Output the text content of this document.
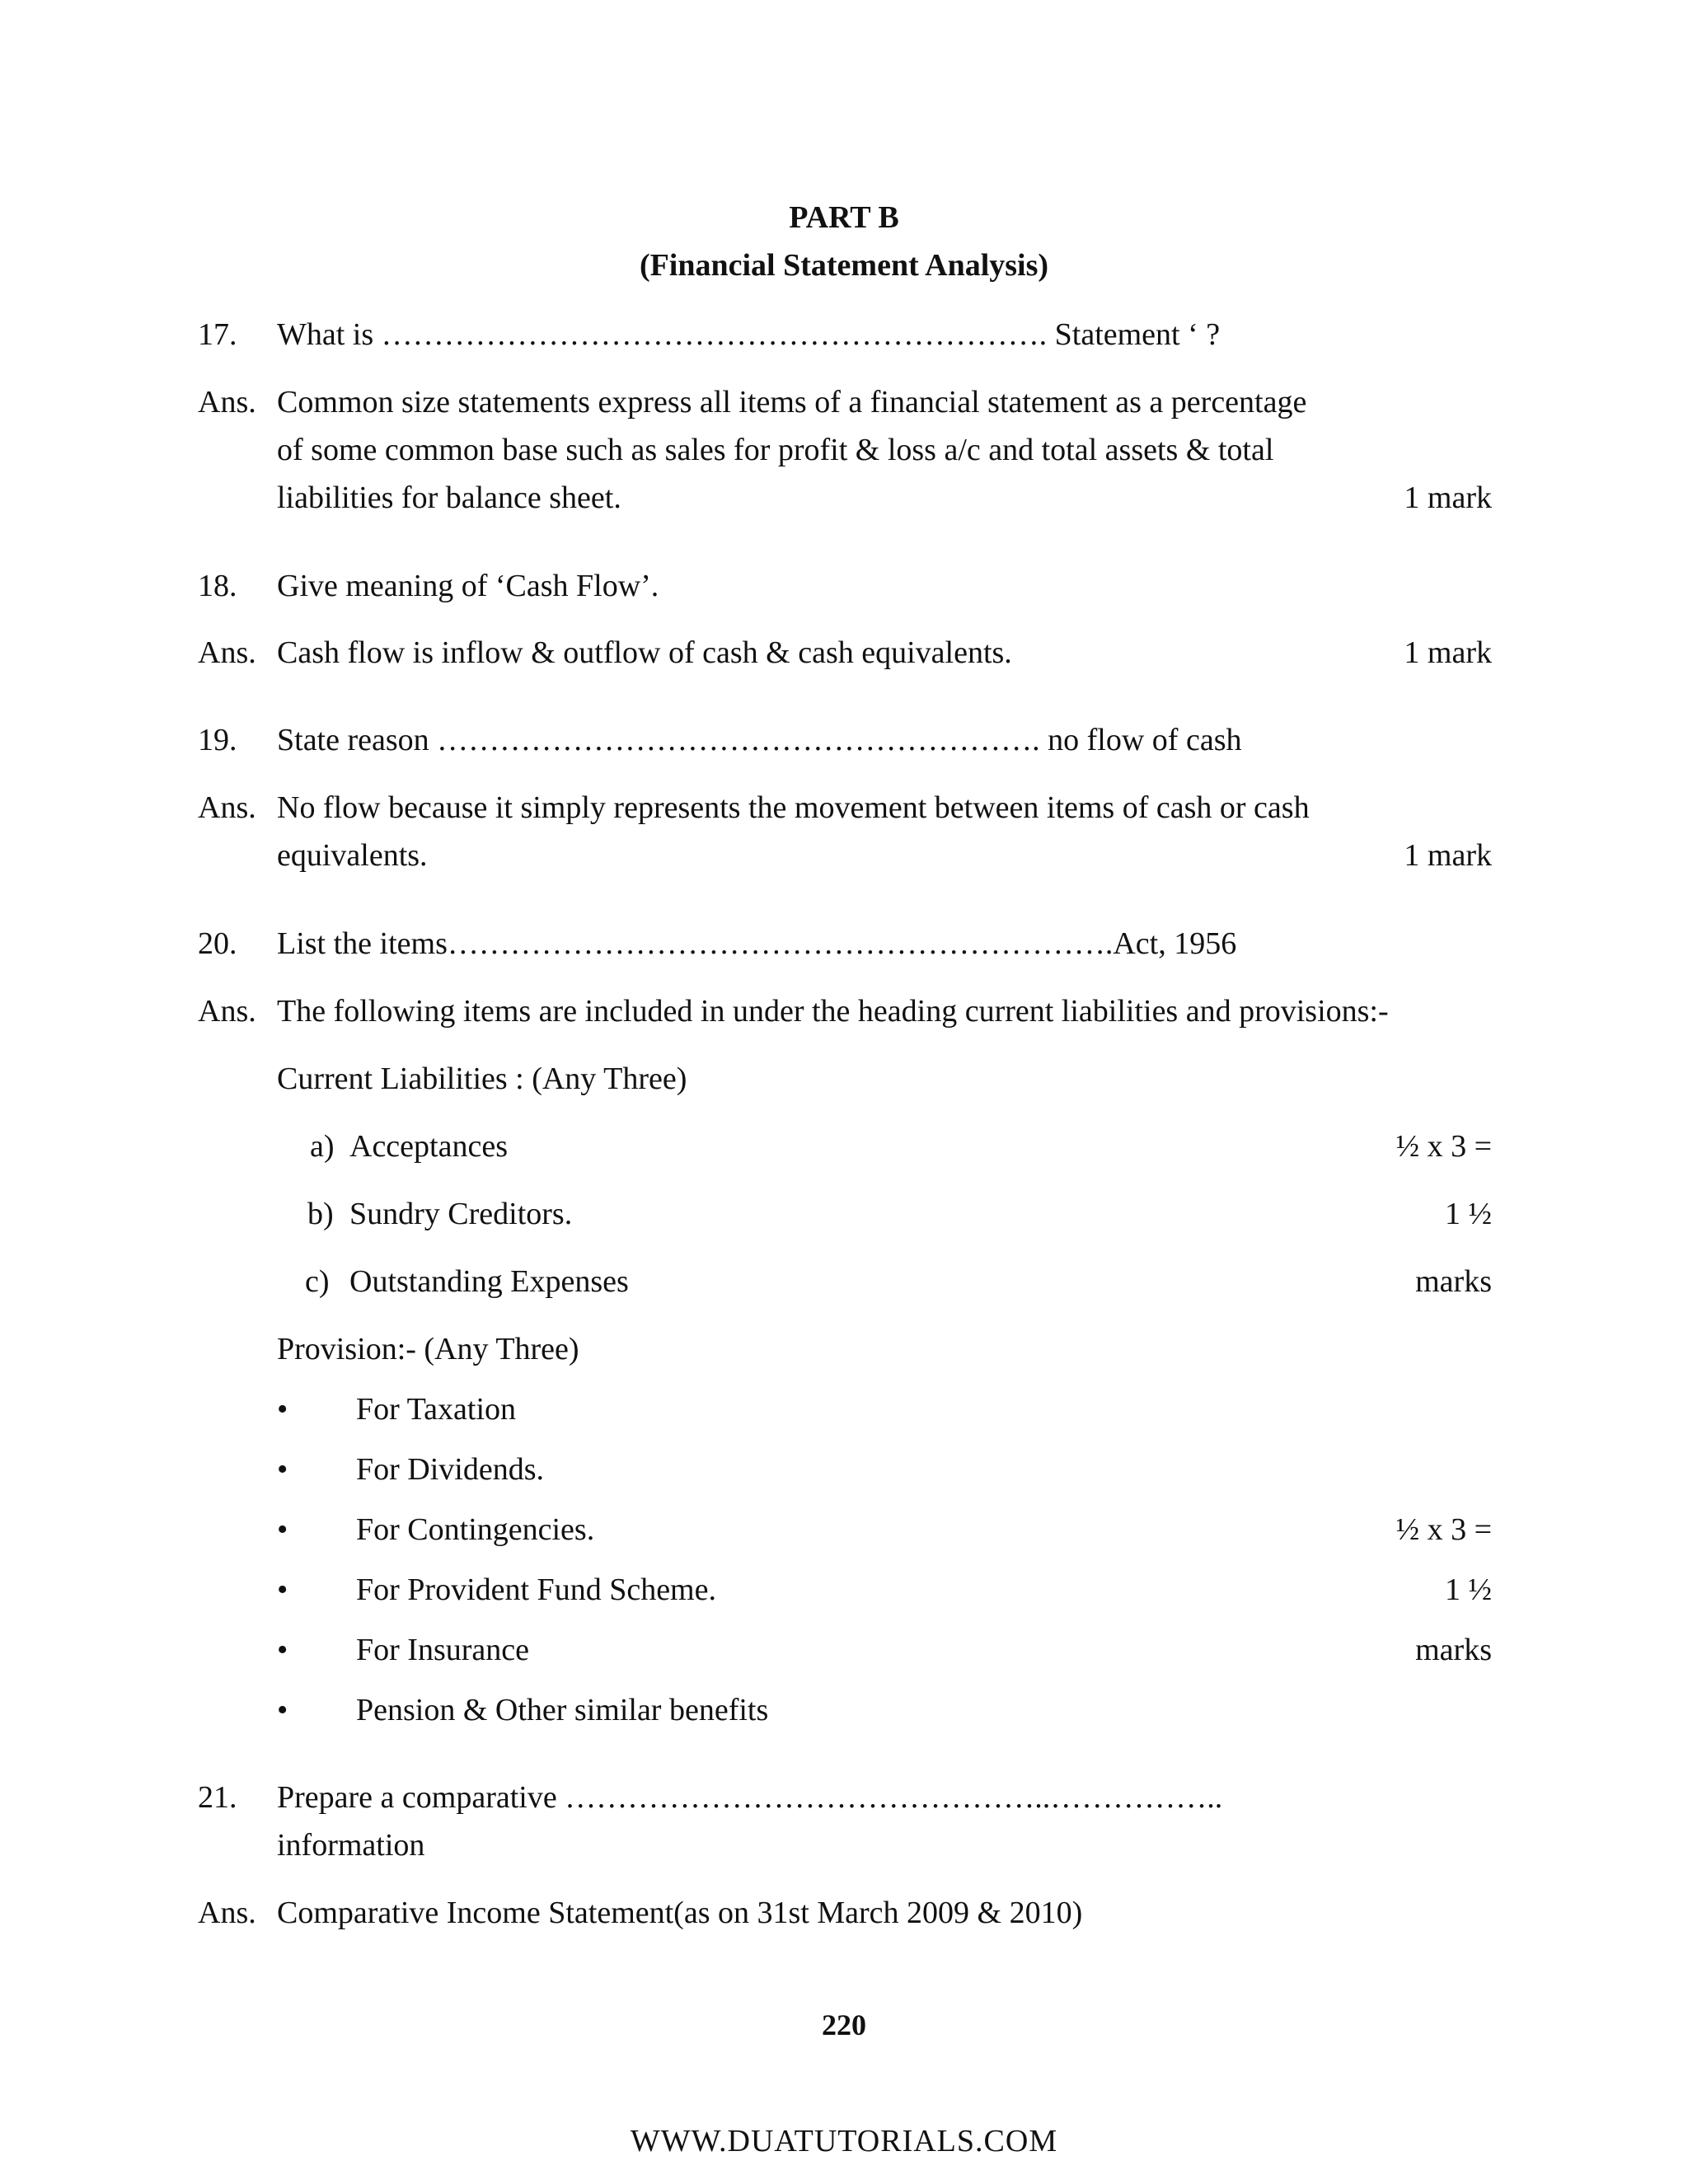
PART B
(Financial Statement Analysis)
17.	What is ………………………………………………………. Statement ‘ ?
Ans. Common size statements express all items of a financial statement as a percentage
of some common base such as sales for profit & loss a/c and total assets & total
liabilities for balance sheet.	1 mark
18.	Give meaning of ‘Cash Flow’.
Ans. Cash flow is inflow & outflow of cash & cash equivalents.	1 mark
19.	State reason …………………………………………………. no flow of cash
Ans. No flow because it simply represents the movement between items of cash or cash
equivalents.	1 mark
20.	List the items……………………………………………………….Act, 1956
Ans. The following items are included in under the heading current liabilities and provisions:-
Current Liabilities : (Any Three)
a) Acceptances	½ x 3 =
b) Sundry Creditors.	1 ½
c) Outstanding Expenses	marks
Provision:- (Any Three)
• For Taxation
• For Dividends.
• For Contingencies.	½ x 3 =
• For Provident Fund Scheme.	1 ½
• For Insurance	marks
• Pension & Other similar benefits
21.	Prepare a comparative ………………………………………..……………..
information
Ans. Comparative Income Statement(as on 31st March 2009 & 2010)
220
WWW.DUATUTORIALS.COM
